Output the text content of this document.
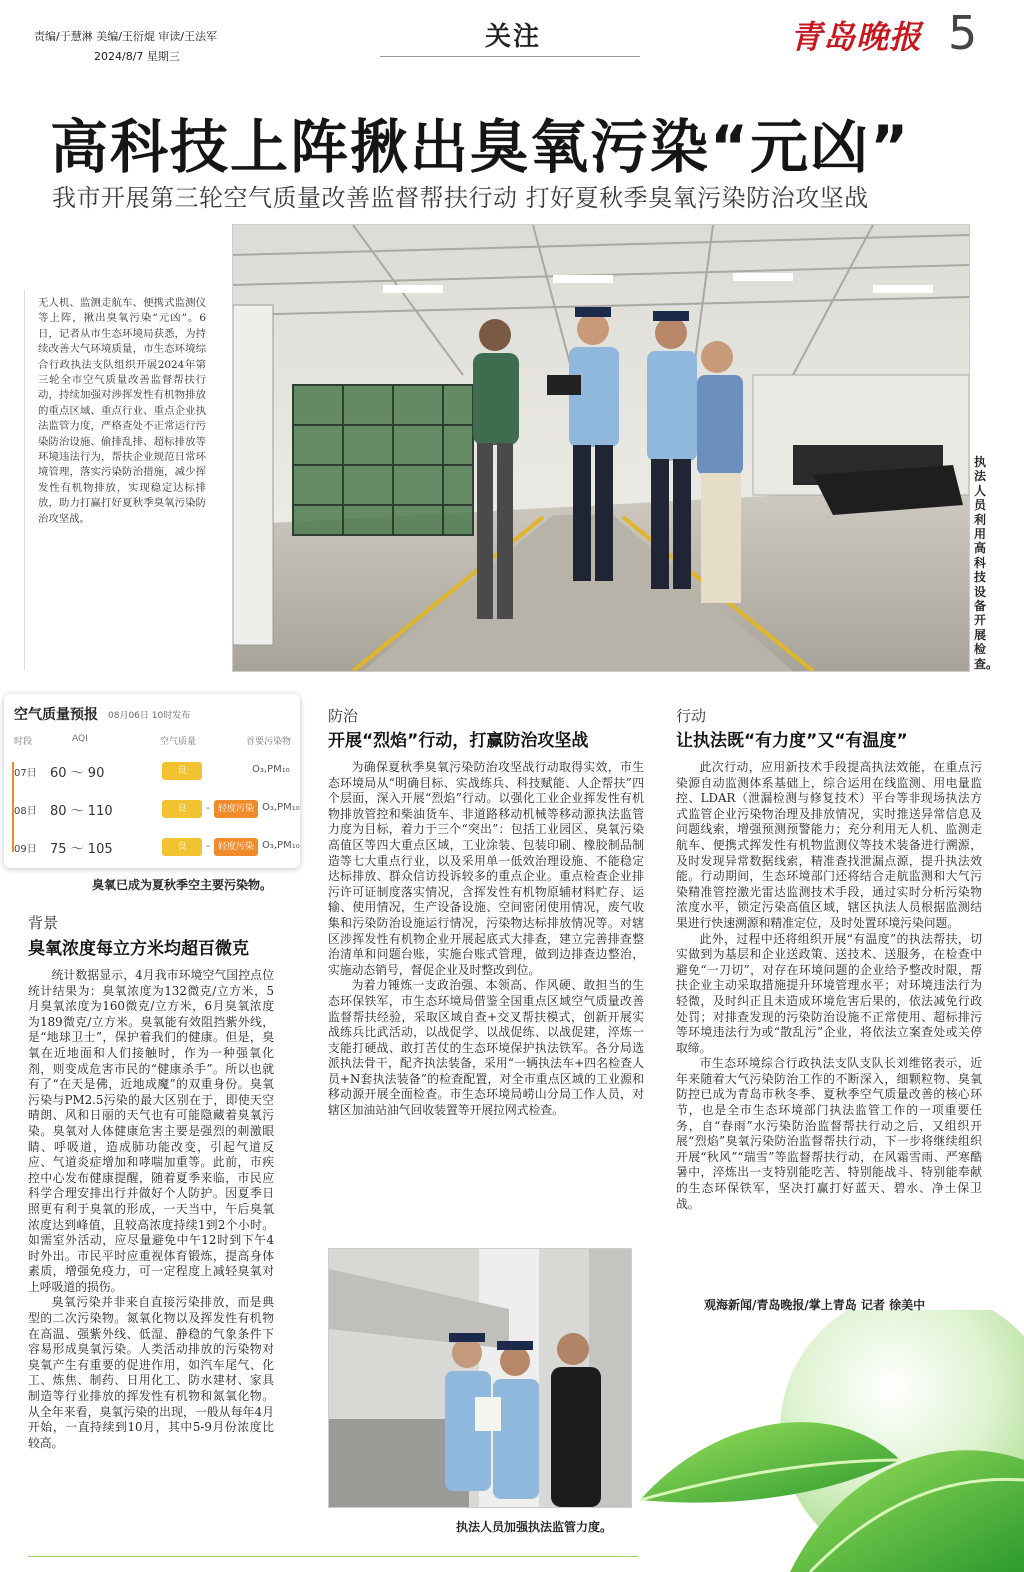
责编/于慧淋 美编/王衍焜 审读/王法军
2024/8/7 星期三
关注	青岛晚报 5
高科技上阵揪出臭氧污染“元凶”
我市开展第三轮空气质量改善监督帮扶行动 打好夏秋季臭氧污染防治攻坚战
无人机、监测走航车、便携式监测仪等上阵，揪出臭氧污染“元凶”。6日，记者从市生态环境局获悉，为持续改善大气环境质量，市生态环境综合行政执法支队组织开展2024年第三轮全市空气质量改善监督帮扶行动，持续加强对涉挥发性有机物排放的重点区域、重点行业、重点企业执法监管力度，严格查处不正常运行污染防治设施、偷排乱排、超标排放等环境违法行为，帮扶企业规范日常环境管理，落实污染防治措施，减少挥发性有机物排放，实现稳定达标排放，助力打赢打好夏秋季臭氧污染防治攻坚战。
执法人员利用高科技设备开展检查。
空气质量预报 08月06日 10时发布
时段	AQI	空气质量	首要污染物
07日 60 ～ 90	良	O₃,PM₁₀
08日 80 ～ 110	良	- 轻度污染 O₃,PM₁₀
09日 75 ～ 105	良	- 轻度污染 O₃,PM₁₀
臭氧已成为夏秋季空主要污染物。
背景
臭氧浓度每立方米均超百微克

统计数据显示，4月我市环境空气国控点位统计结果为：臭氧浓度为132微克/立方米，5月臭氧浓度为160微克/立方米，6月臭氧浓度为189微克/立方米。臭氧能有效阻挡紫外线，是“地球卫士”，保护着我们的健康。但是，臭氧在近地面和人们接触时，作为一种强氧化剂，则变成危害市民的“健康杀手”。所以也就有了“在天是佛，近地成魔”的双重身份。臭氧污染与PM2.5污染的最大区别在于，即使天空晴朗、风和日丽的天气也有可能隐藏着臭氧污染。臭氧对人体健康危害主要是强烈的刺激眼睛、呼吸道，造成肺功能改变，引起气道反应、气道炎症增加和哮喘加重等。此前，市疾控中心发布健康提醒，随着夏季来临，市民应科学合理安排出行并做好个人防护。因夏季日照更有利于臭氧的形成，一天当中，午后臭氧浓度达到峰值，且较高浓度持续1到2个小时。如需室外活动，应尽量避免中午12时到下午4时外出。市民平时应重视体育锻炼，提高身体素质，增强免疫力，可一定程度上减轻臭氧对上呼吸道的损伤。

臭氧污染并非来自直接污染排放，而是典型的二次污染物。氮氧化物以及挥发性有机物在高温、强紫外线、低湿、静稳的气象条件下容易形成臭氧污染。人类活动排放的污染物对臭氧产生有重要的促进作用，如汽车尾气、化工、炼焦、制药、日用化工、防水建材、家具制造等行业排放的挥发性有机物和氮氧化物。从全年来看，臭氧污染的出现，一般从每年4月开始，一直持续到10月，其中5-9月份浓度比较高。

防治
开展“烈焰”行动，打赢防治攻坚战

为确保夏秋季臭氧污染防治攻坚战行动取得实效，市生态环境局从“明确目标、实战练兵、科技赋能、人企帮扶”四个层面，深入开展“烈焰”行动。以强化工业企业挥发性有机物排放管控和柴油货车、非道路移动机械等移动源执法监管力度为目标，着力于三个“突出”：包括工业园区、臭氧污染高值区等四大重点区域，工业涂装、包装印刷、橡胶制品制造等七大重点行业，以及采用单一低效治理设施、不能稳定达标排放、群众信访投诉较多的重点企业。重点检查企业排污许可证制度落实情况，含挥发性有机物原辅材料贮存、运输、使用情况，生产设备设施、空间密闭使用情况，废气收集和污染防治设施运行情况，污染物达标排放情况等。对辖区涉挥发性有机物企业开展起底式大排查，建立完善排查整治清单和问题台账，实施台账式管理，做到边排查边整治，实施动态销号，督促企业及时整改到位。

为着力锤炼一支政治强、本领高、作风硬、敢担当的生态环保铁军，市生态环境局借鉴全国重点区域空气质量改善监督帮扶经验，采取区域自查+交叉帮扶模式，创新开展实战练兵比武活动，以战促学、以战促练、以战促建，淬炼一支能打硬战、敢打苦仗的生态环境保护执法铁军。各分局选派执法骨干，配齐执法装备，采用“一辆执法车+四名检查人员+N套执法装备”的检查配置，对全市重点区域的工业源和移动源开展全面检查。市生态环境局崂山分局工作人员，对辖区加油站油气回收装置等开展拉网式检查。

执法人员加强执法监管力度。
行动
让执法既“有力度”又“有温度”

此次行动，应用新技术手段提高执法效能，在重点污染源自动监测体系基础上，综合运用在线监测、用电量监控、LDAR（泄漏检测与修复技术）平台等非现场执法方式监管企业污染物治理及排放情况，实时推送异常信息及问题线索，增强预测预警能力；充分利用无人机、监测走航车、便携式挥发性有机物监测仪等技术装备进行溯源，及时发现异常数据线索，精准查找泄漏点源，提升执法效能。行动期间，生态环境部门还将结合走航监测和大气污染精准管控激光雷达监测技术手段，通过实时分析污染物浓度水平，锁定污染高值区域，辖区执法人员根据监测结果进行快速溯源和精准定位，及时处置环境污染问题。

此外，过程中还将组织开展“有温度”的执法帮扶，切实做到为基层和企业送政策、送技术、送服务，在检查中避免“一刀切”，对存在环境问题的企业给予整改时限，帮扶企业主动采取措施提升环境管理水平；对环境违法行为轻微，及时纠正且未造成环境危害后果的，依法减免行政处罚；对排查发现的污染防治设施不正常使用、超标排污等环境违法行为或“散乱污”企业，将依法立案查处或关停取缔。

市生态环境综合行政执法支队支队长刘维铭表示，近年来随着大气污染防治工作的不断深入，细颗粒物、臭氧防控已成为青岛市秋冬季、夏秋季空气质量改善的核心环节，也是全市生态环境部门执法监管工作的一项重要任务，自“春雨”水污染防治监督帮扶行动之后，又组织开展“烈焰”臭氧污染防治监督帮扶行动，下一步将继续组织开展“秋风”“瑞雪”等监督帮扶行动，在风霜雪雨、严寒酷暑中，淬炼出一支特别能吃苦、特别能战斗、特别能奉献的生态环保铁军，坚决打赢打好蓝天、碧水、净土保卫战。

观海新闻/青岛晚报/掌上青岛 记者 徐美中
